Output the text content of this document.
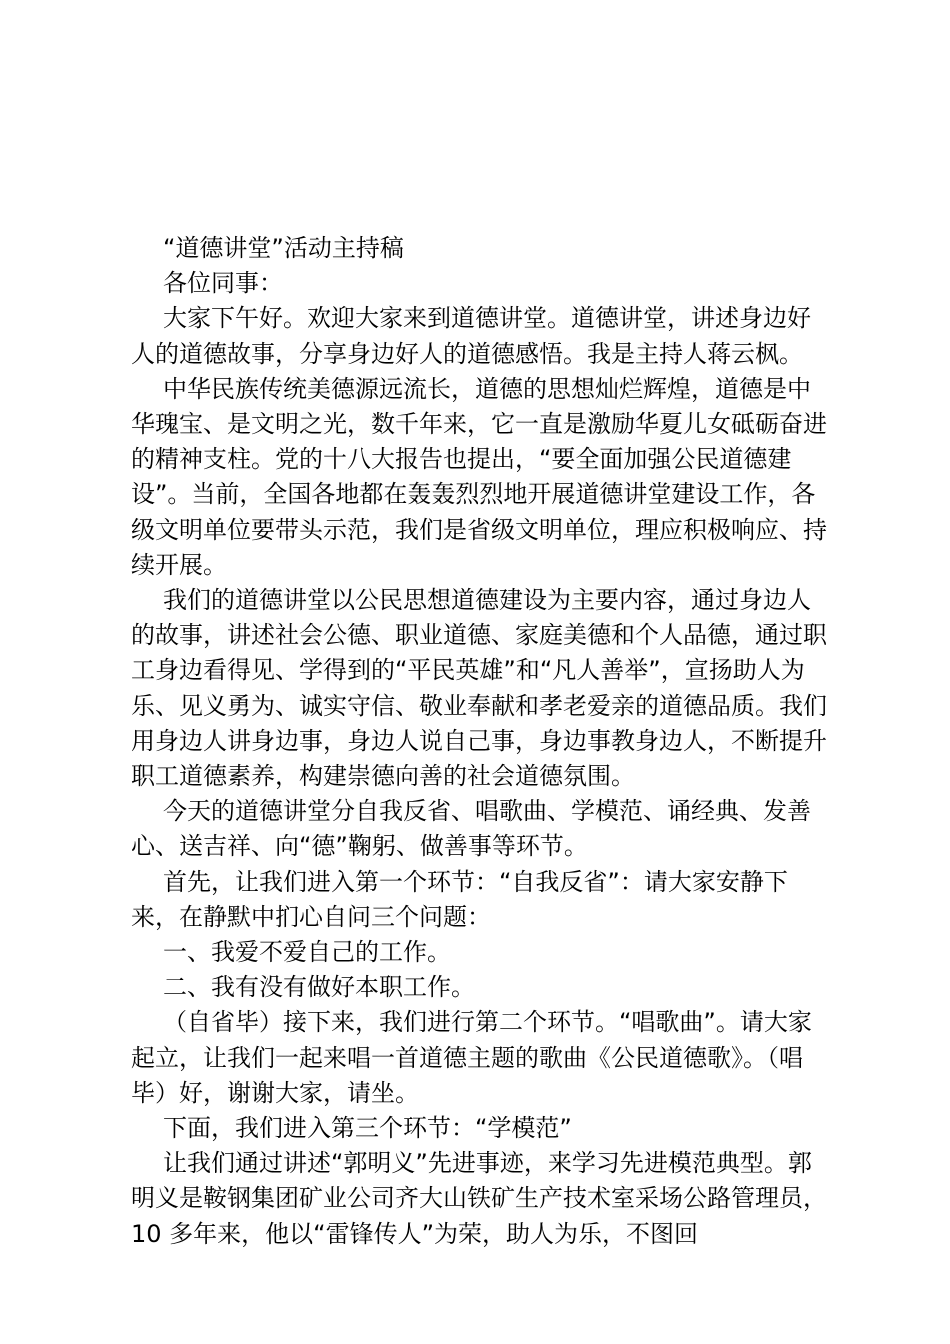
“道德讲堂”活动主持稿

各位同事：

大家下午好。欢迎大家来到道德讲堂。道德讲堂，讲述身边好人的道德故事，分享身边好人的道德感悟。我是主持人蒋云枫。

中华民族传统美德源远流长，道德的思想灿烂辉煌，道德是中华瑰宝、是文明之光，数千年来，它一直是激励华夏儿女砥砺奋进的精神支柱。党的十八大报告也提出，“要全面加强公民道德建设”。当前，全国各地都在轰轰烈烈地开展道德讲堂建设工作，各级文明单位要带头示范，我们是省级文明单位，理应积极响应、持续开展。

我们的道德讲堂以公民思想道德建设为主要内容，通过身边人的故事，讲述社会公德、职业道德、家庭美德和个人品德，通过职工身边看得见、学得到的“平民英雄”和“凡人善举”，宣扬助人为乐、见义勇为、诚实守信、敬业奉献和孝老爱亲的道德品质。我们用身边人讲身边事，身边人说自己事，身边事教身边人，不断提升职工道德素养，构建崇德向善的社会道德氛围。

今天的道德讲堂分自我反省、唱歌曲、学模范、诵经典、发善心、送吉祥、向“德”鞠躬、做善事等环节。

首先，让我们进入第一个环节：“自我反省”：请大家安静下来，在静默中扪心自问三个问题：

一、我爱不爱自己的工作。

二、我有没有做好本职工作。

（自省毕）接下来，我们进行第二个环节。“唱歌曲”。请大家起立，让我们一起来唱一首道德主题的歌曲《公民道德歌》。（唱毕）好，谢谢大家，请坐。

下面，我们进入第三个环节：“学模范”

让我们通过讲述“郭明义”先进事迹，来学习先进模范典型。郭明义是鞍钢集团矿业公司齐大山铁矿生产技术室采场公路管理员，10 多年来，他以“雷锋传人”为荣，助人为乐，不图回
